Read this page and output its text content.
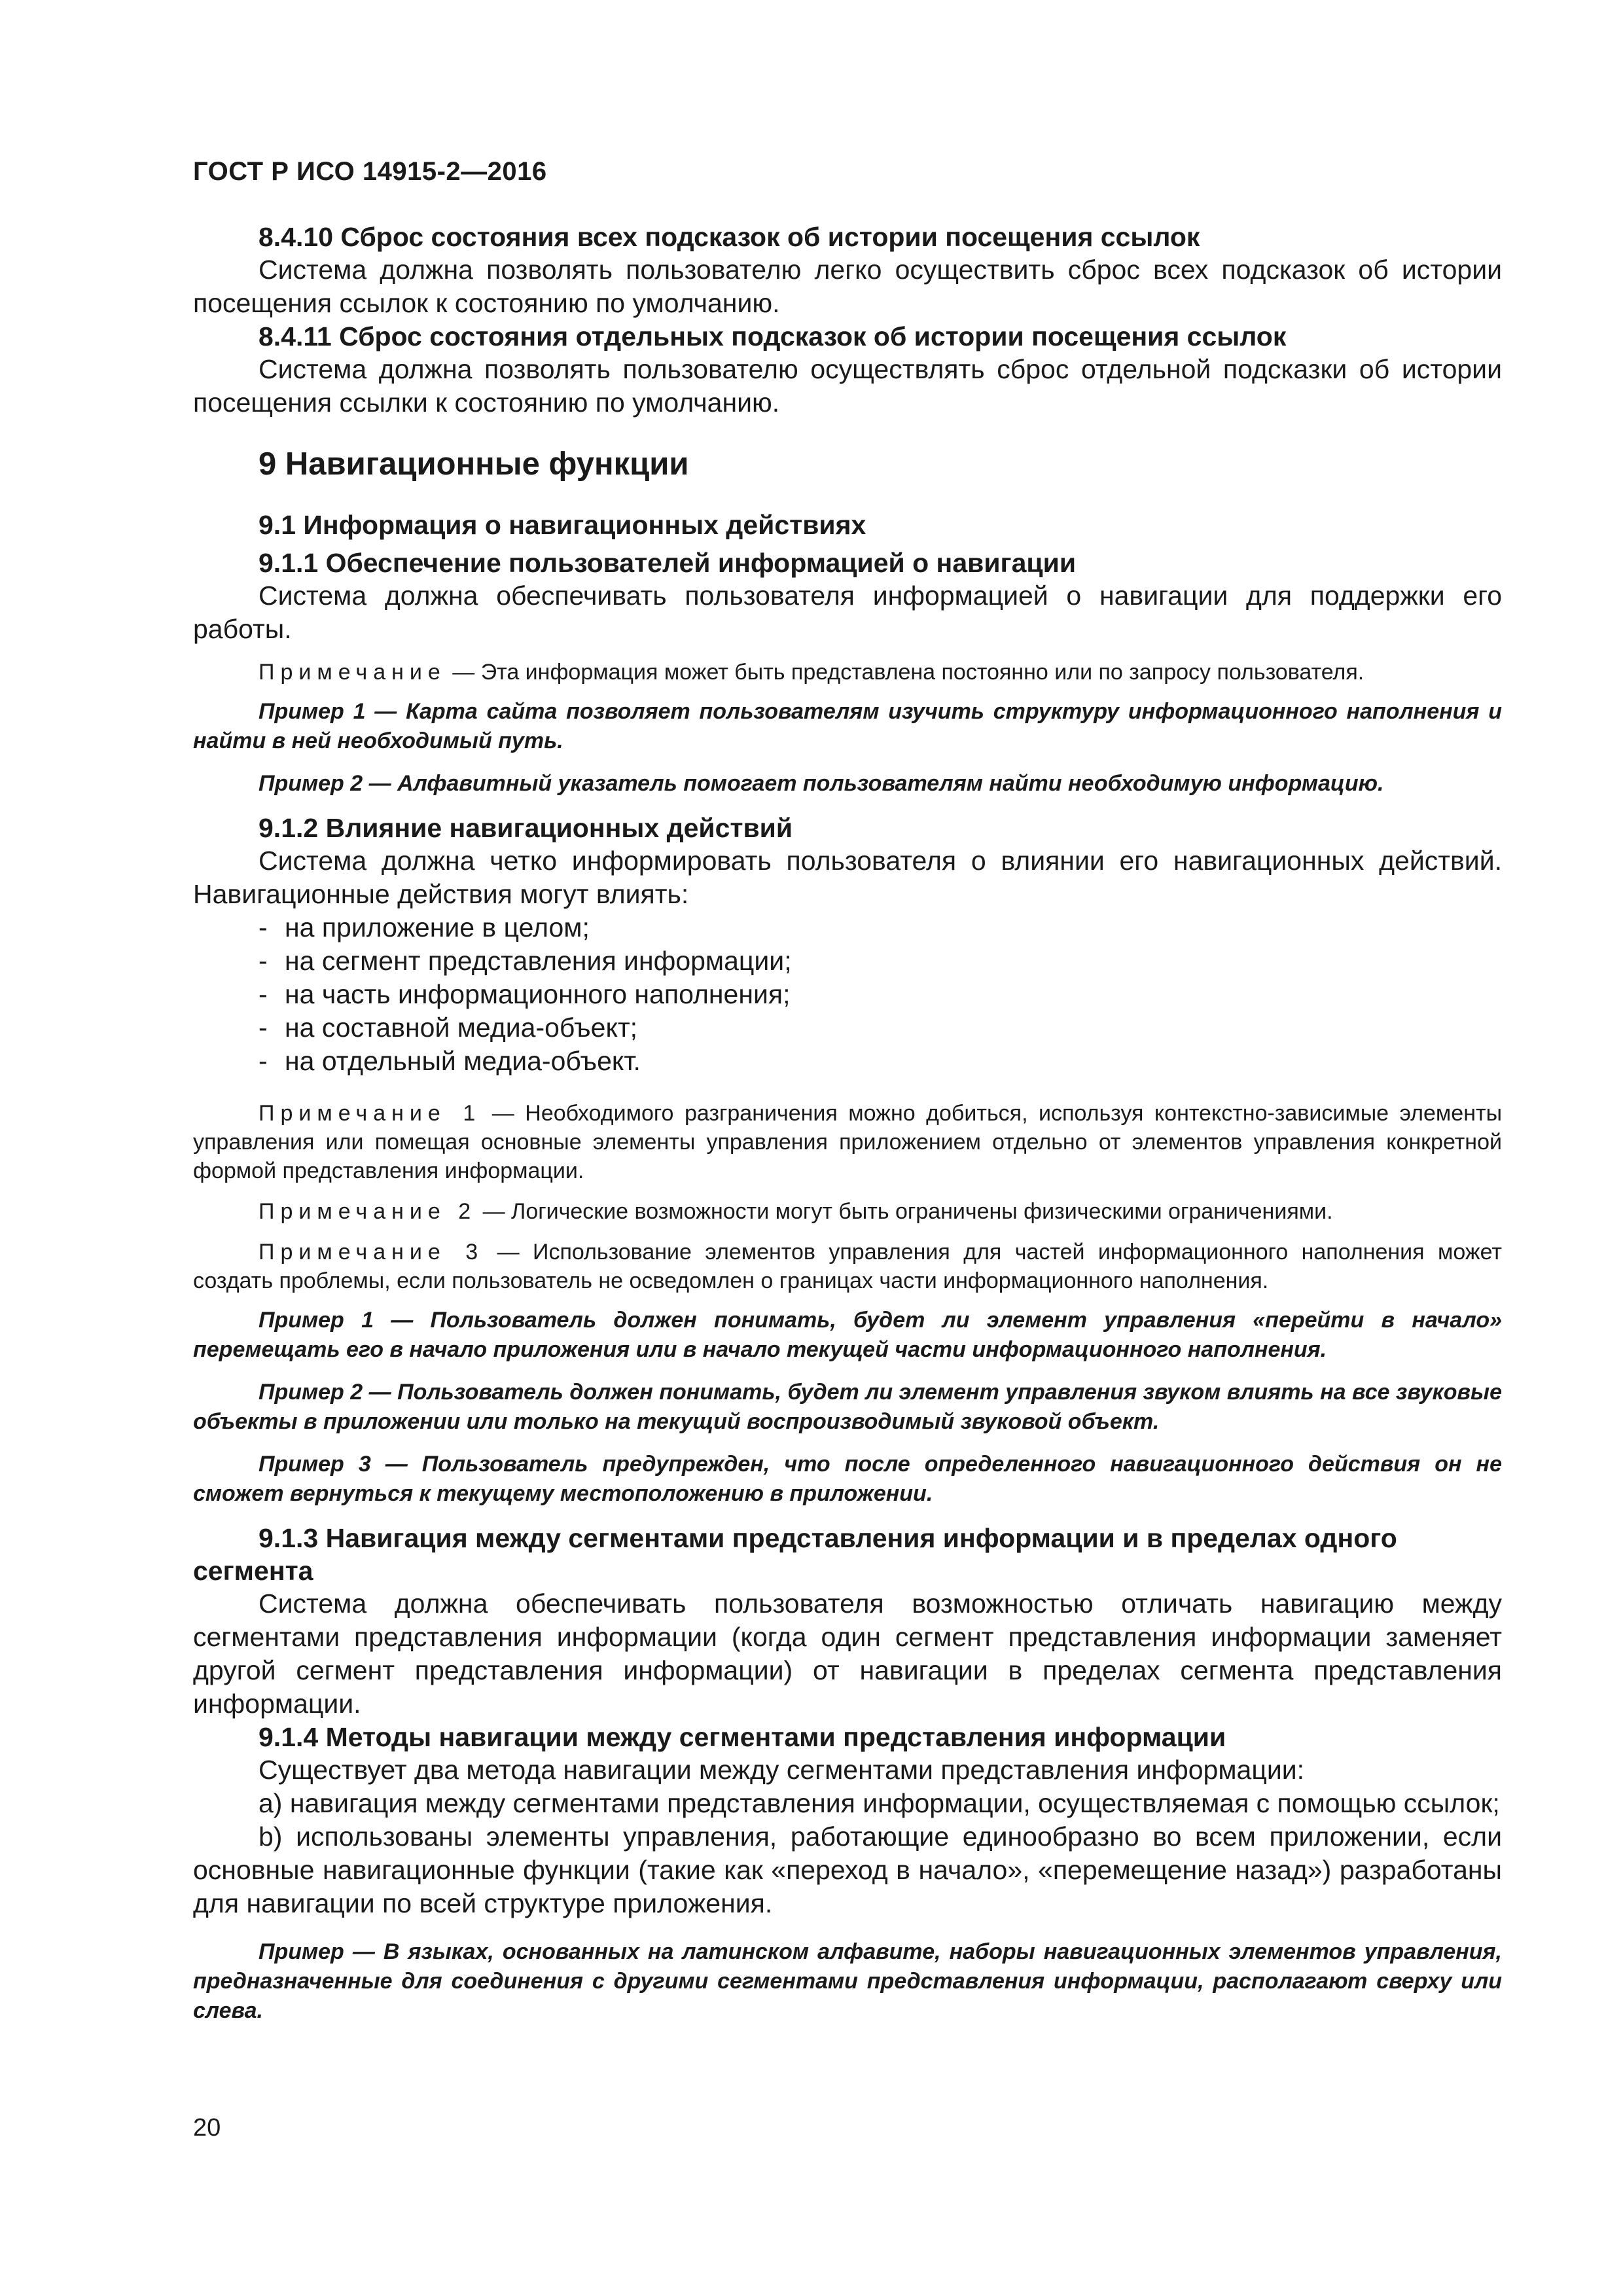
ГОСТ Р ИСО 14915-2—2016

8.4.10 Сброс состояния всех подсказок об истории посещения ссылок

Система должна позволять пользователю легко осуществить сброс всех подсказок об истории посещения ссылок к состоянию по умолчанию.

8.4.11 Сброс состояния отдельных подсказок об истории посещения ссылок

Система должна позволять пользователю осуществлять сброс отдельной подсказки об истории посещения ссылки к состоянию по умолчанию.

9 Навигационные функции

9.1 Информация о навигационных действиях

9.1.1 Обеспечение пользователей информацией о навигации

Система должна обеспечивать пользователя информацией о навигации для поддержки его работы.

Примечание — Эта информация может быть представлена постоянно или по запросу пользователя.

Пример 1 — Карта сайта позволяет пользователям изучить структуру информационного наполнения и найти в ней необходимый путь.

Пример 2 — Алфавитный указатель помогает пользователям найти необходимую информацию.

9.1.2 Влияние навигационных действий

Система должна четко информировать пользователя о влиянии его навигационных действий. Навигационные действия могут влиять:

- на приложение в целом;
- на сегмент представления информации;
- на часть информационного наполнения;
- на составной медиа-объект;
- на отдельный медиа-объект.

Примечание 1 — Необходимого разграничения можно добиться, используя контекстно-зависимые элементы управления или помещая основные элементы управления приложением отдельно от элементов управления конкретной формой представления информации.

Примечание 2 — Логические возможности могут быть ограничены физическими ограничениями.

Примечание 3 — Использование элементов управления для частей информационного наполнения может создать проблемы, если пользователь не осведомлен о границах части информационного наполнения.

Пример 1 — Пользователь должен понимать, будет ли элемент управления «перейти в начало» перемещать его в начало приложения или в начало текущей части информационного наполнения.

Пример 2 — Пользователь должен понимать, будет ли элемент управления звуком влиять на все звуковые объекты в приложении или только на текущий воспроизводимый звуковой объект.

Пример 3 — Пользователь предупрежден, что после определенного навигационного действия он не сможет вернуться к текущему местоположению в приложении.

9.1.3 Навигация между сегментами представления информации и в пределах одного сегмента

Система должна обеспечивать пользователя возможностью отличать навигацию между сегментами представления информации (когда один сегмент представления информации заменяет другой сегмент представления информации) от навигации в пределах сегмента представления информации.

9.1.4 Методы навигации между сегментами представления информации

Существует два метода навигации между сегментами представления информации:

a) навигация между сегментами представления информации, осуществляемая с помощью ссылок;

b) использованы элементы управления, работающие единообразно во всем приложении, если основные навигационные функции (такие как «переход в начало», «перемещение назад») разработаны для навигации по всей структуре приложения.

Пример — В языках, основанных на латинском алфавите, наборы навигационных элементов управления, предназначенные для соединения с другими сегментами представления информации, располагают сверху или слева.

20
